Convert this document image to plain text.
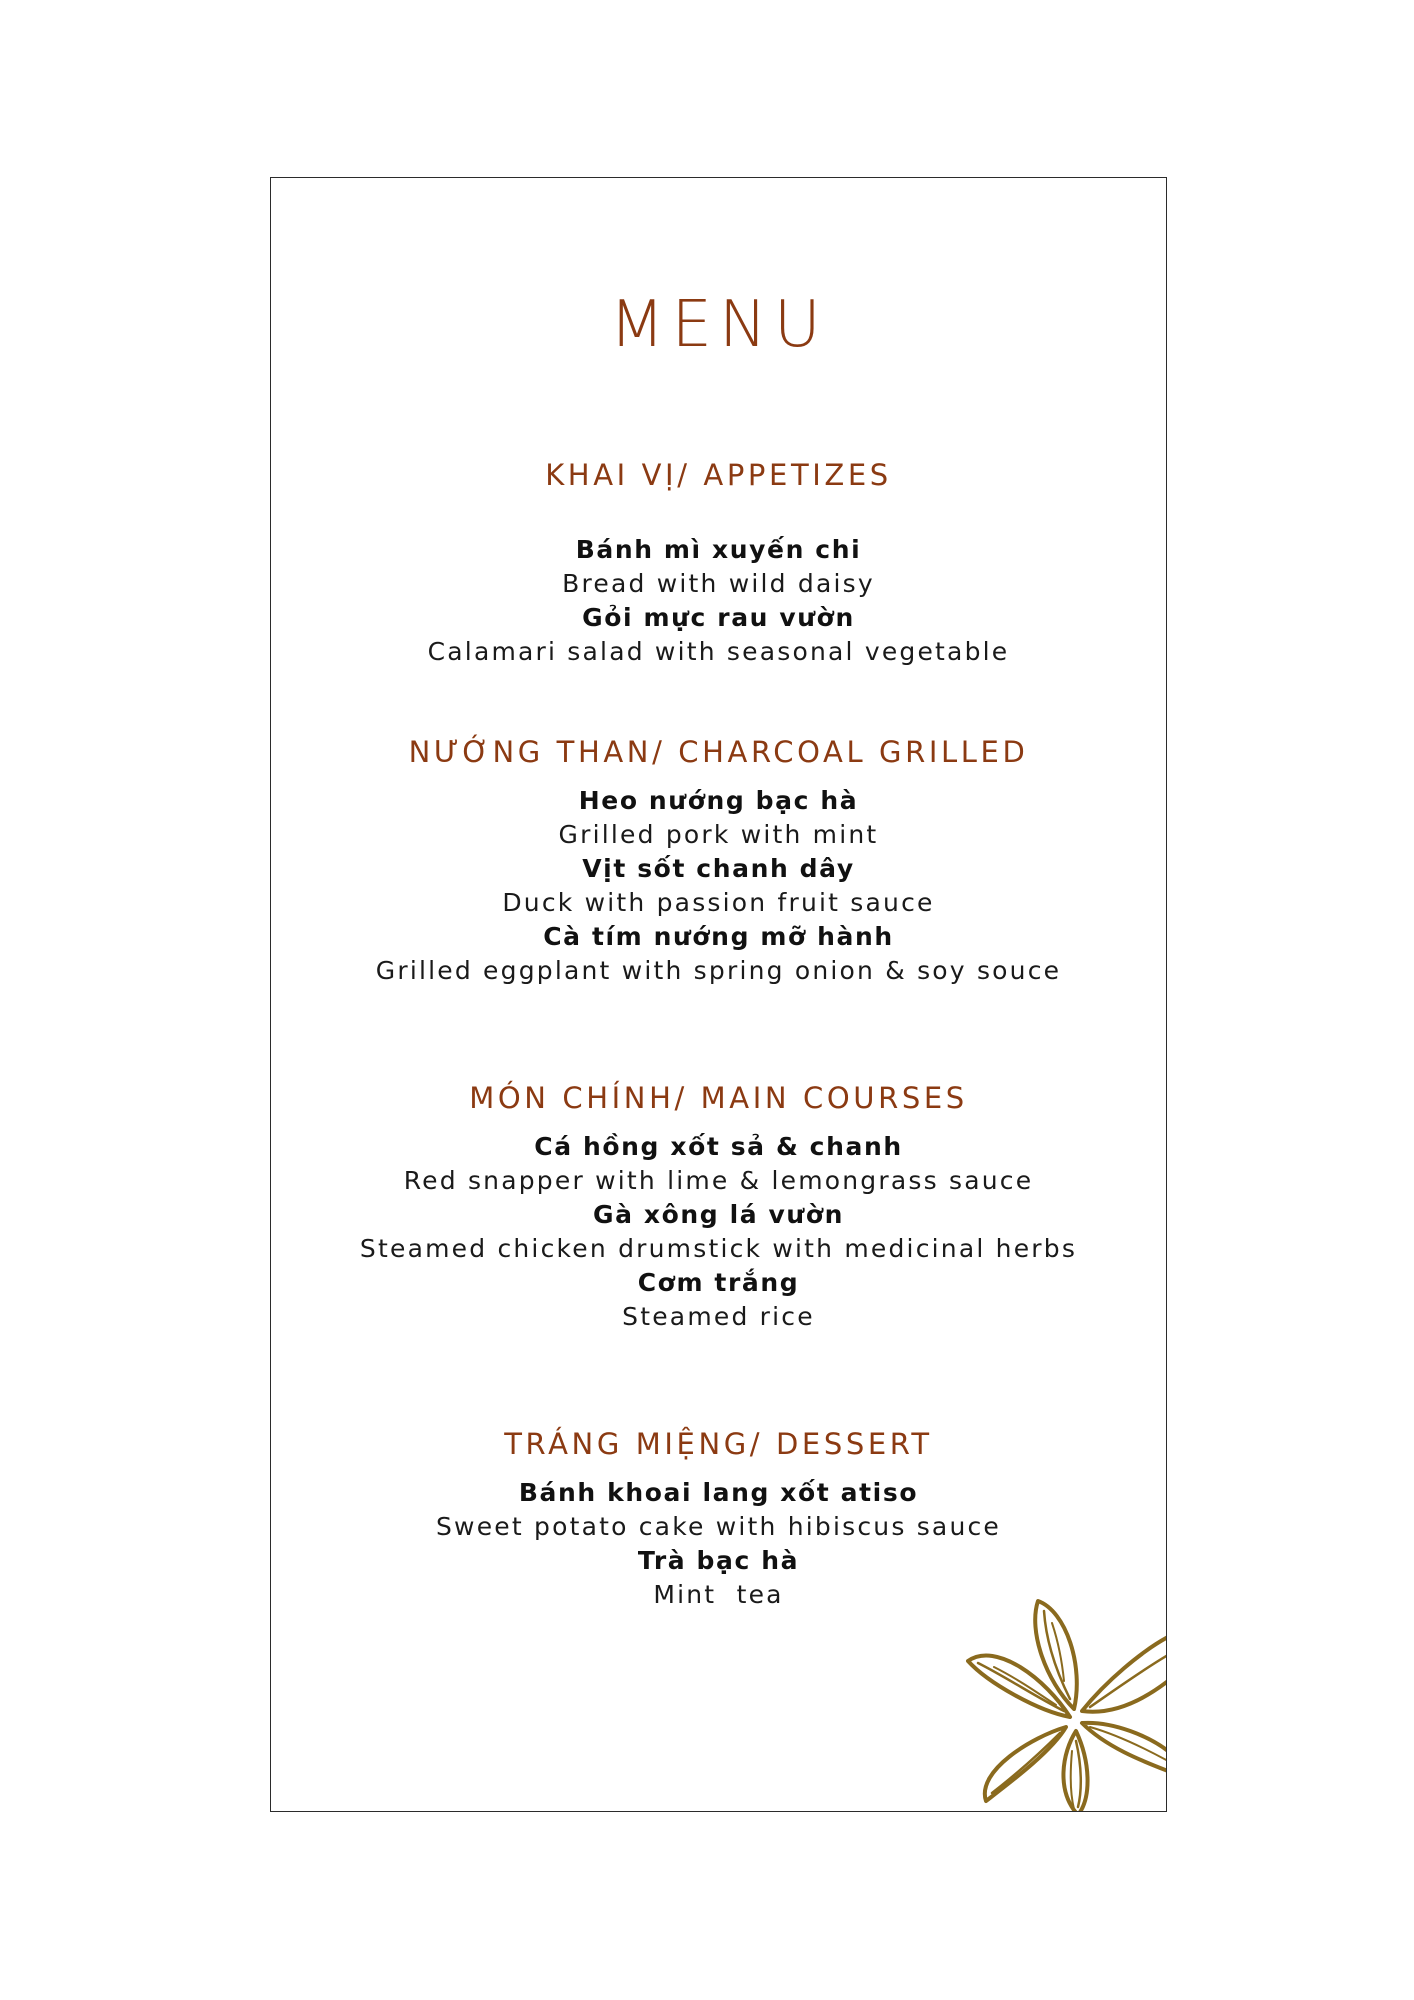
MENU
KHAI VỊ/ APPETIZES
Bánh mì xuyến chi
Bread with wild daisy
Gỏi mực rau vườn
Calamari salad with seasonal vegetable
NƯỚNG THAN/ CHARCOAL GRILLED
Heo nướng bạc hà
Grilled pork with mint
Vịt sốt chanh dây
Duck with passion fruit sauce
Cà tím nướng mỡ hành
Grilled eggplant with spring onion & soy souce
MÓN CHÍNH/ MAIN COURSES
Cá hồng xốt sả & chanh
Red snapper with lime & lemongrass sauce
Gà xông lá vườn
Steamed chicken drumstick with medicinal herbs
Cơm trắng
Steamed rice
TRÁNG MIỆNG/ DESSERT
Bánh khoai lang xốt atiso
Sweet potato cake with hibiscus sauce
Trà bạc hà
Mint  tea
